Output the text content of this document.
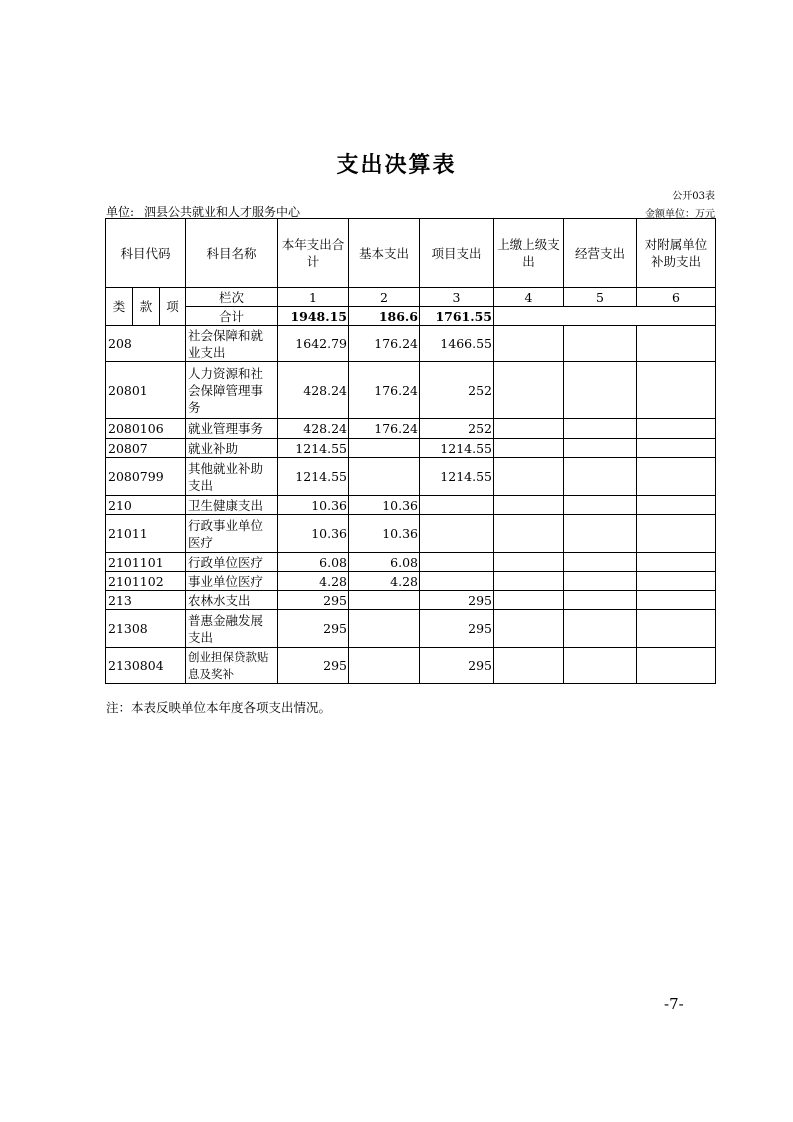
支出决算表
公开03表
单位: 泗县公共就业和人才服务中心	金额单位：万元
科目代码			科目名称	本年支出合计	基本支出	项目支出	上缴上级支出	经营支出	对附属单位补助支出
类	款	项	栏次	1	2	3	4	5	6
			合计	1948.15	186.6	1761.55			
208			社会保障和就业支出	1642.79	176.24	1466.55			
20801			人力资源和社会保障管理事务	428.24	176.24	252			
2080106			就业管理事务	428.24	176.24	252			
20807			就业补助	1214.55		1214.55			
2080799			其他就业补助支出	1214.55		1214.55			
210			卫生健康支出	10.36	10.36				
21011			行政事业单位医疗	10.36	10.36				
2101101			行政单位医疗	6.08	6.08				
2101102			事业单位医疗	4.28	4.28				
213			农林水支出	295		295			
21308			普惠金融发展支出	295		295			
2130804			创业担保贷款贴息及奖补	295		295			
注：本表反映单位本年度各项支出情况。
-7-
